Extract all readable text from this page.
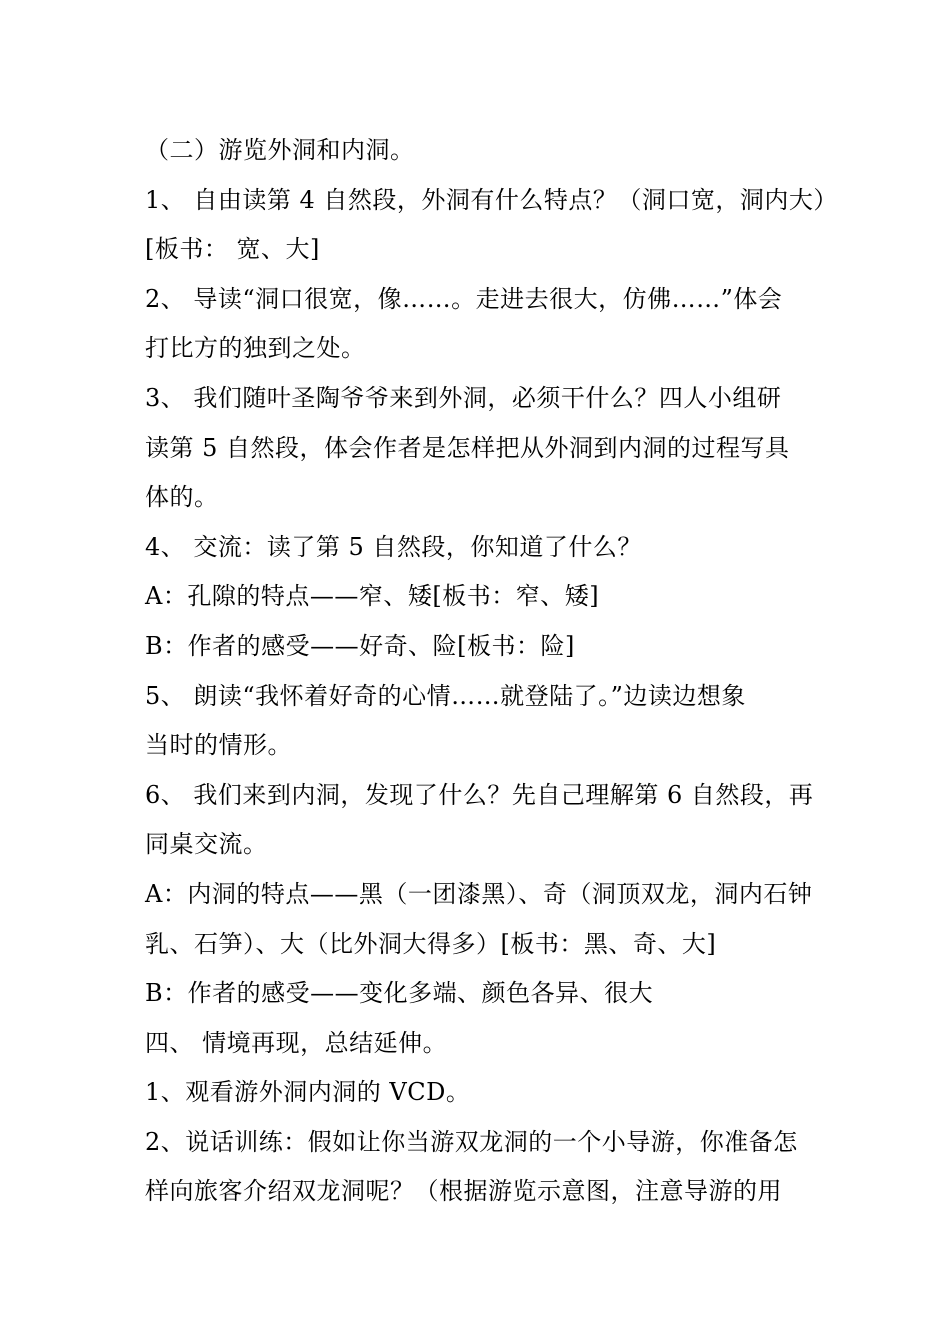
（二）游览外洞和内洞。
1、 自由读第 4 自然段，外洞有什么特点？（洞口宽，洞内大）
[板书： 宽、大]
2、 导读“洞口很宽，像……。走进去很大，仿佛……”体会
打比方的独到之处。
3、 我们随叶圣陶爷爷来到外洞，必须干什么？四人小组研
读第 5 自然段，体会作者是怎样把从外洞到内洞的过程写具
体的。
4、 交流：读了第 5 自然段，你知道了什么？
A：孔隙的特点——窄、矮[板书：窄、矮]
B：作者的感受——好奇、险[板书：险]
5、 朗读“我怀着好奇的心情……就登陆了。”边读边想象
当时的情形。
6、 我们来到内洞，发现了什么？先自己理解第 6 自然段，再
同桌交流。
A：内洞的特点——黑（一团漆黑）、奇（洞顶双龙，洞内石钟
乳、石笋）、大（比外洞大得多）[板书：黑、奇、大]
B：作者的感受——变化多端、颜色各异、很大
四、 情境再现，总结延伸。
1、观看游外洞内洞的 VCD。
2、说话训练：假如让你当游双龙洞的一个小导游，你准备怎
样向旅客介绍双龙洞呢？（根据游览示意图，注意导游的用
